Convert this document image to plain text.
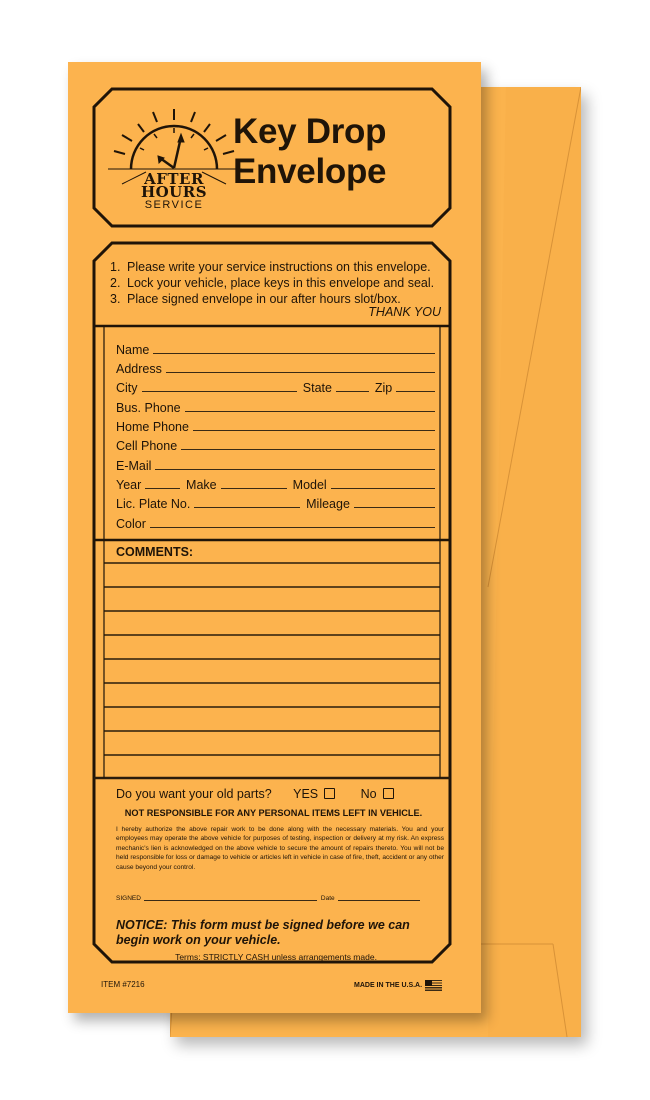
AFTER
HOURS
SERVICE
Key Drop
Envelope
1. Please write your service instructions on this envelope.
2. Lock your vehicle, place keys in this envelope and seal.
3. Place signed envelope in our after hours slot/box.
THANK YOU
Name
Address
City	State	Zip
Bus. Phone
Home Phone
Cell Phone
E-Mail
Year	Make	Model
Lic. Plate No.	Mileage
Color
COMMENTS:
Do you want your old parts? YES	No
NOT RESPONSIBLE FOR ANY PERSONAL ITEMS LEFT IN VEHICLE.
I hereby authorize the above repair work to be done along with the necessary materials. You and your employees may operate the above vehicle for purposes of testing, inspection or delivery at my risk. An express mechanic's lien is acknowledged on the above vehicle to secure the amount of repairs thereto. You will not be held responsible for loss or damage to vehicle or articles left in vehicle in case of fire, theft, accident or any other cause beyond your control.
SIGNED	Date
NOTICE: This form must be signed before we can begin work on your vehicle.
Terms: STRICTLY CASH unless arrangements made.
ITEM #7216	MADE IN THE U.S.A.
